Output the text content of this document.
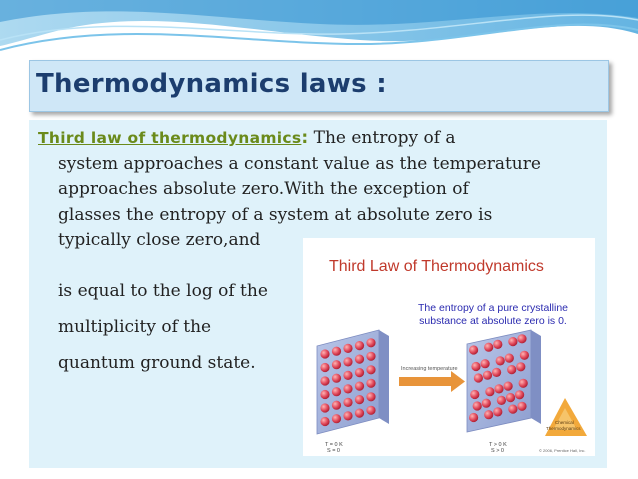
Thermodynamics laws :
Third law of thermodynamics: The entropy of a
system approaches a constant value as the temperature
approaches absolute zero.With the exception of
glasses the entropy of a system at absolute zero is
typically close zero,and
is equal to the log of the
multiplicity of the
quantum ground state.
T = 0 K
S = 0
T > 0 K
S > 0
Increasing temperature
Chemical
Thermodynamics
© 2006, Prentice Hall, Inc.
Third Law of Thermodynamics
The entropy of a pure crystalline substance at absolute zero is 0.
